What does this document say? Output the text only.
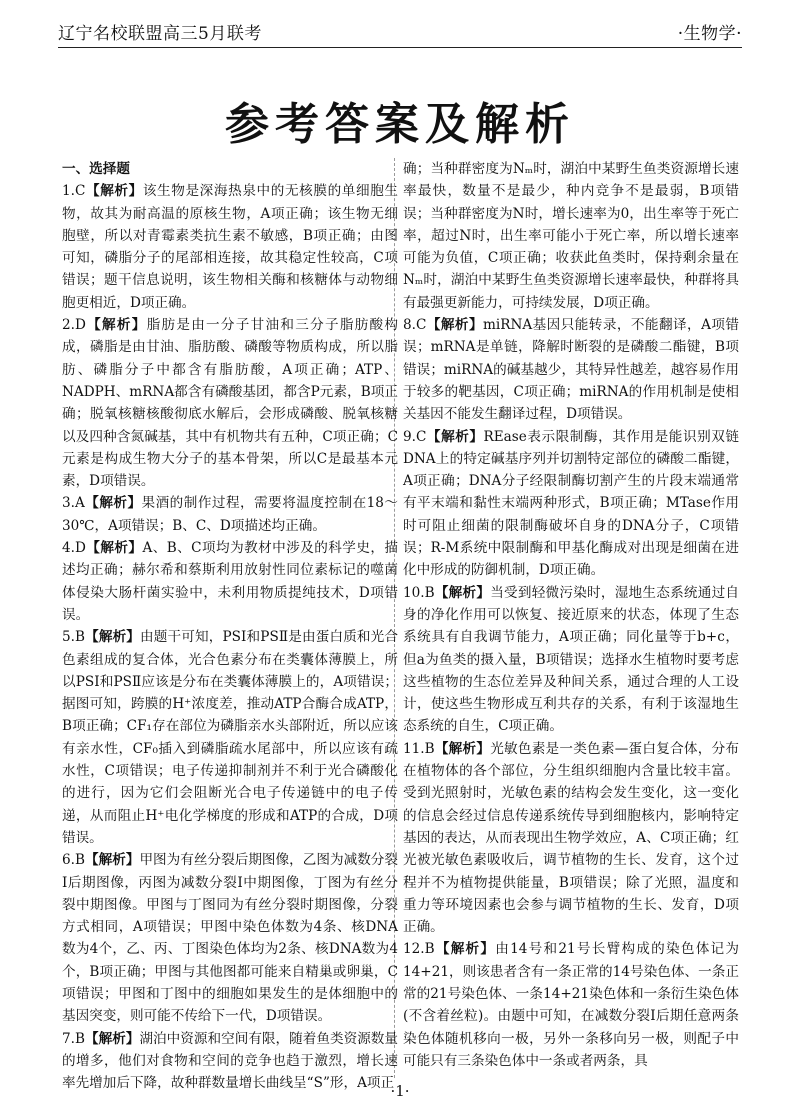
辽宁名校联盟高三5月联考	·生物学·
参考答案及解析
一、选择题

1.C【解析】该生物是深海热泉中的无核膜的单细胞生物，故其为耐高温的原核生物，A项正确；该生物无细胞壁，所以对青霉素类抗生素不敏感，B项正确；由图可知，磷脂分子的尾部相连接，故其稳定性较高，C项错误；题干信息说明，该生物相关酶和核糖体与动物细胞更相近，D项正确。

2.D【解析】脂肪是由一分子甘油和三分子脂肪酸构成，磷脂是由甘油、脂肪酸、磷酸等物质构成，所以脂肪、磷脂分子中都含有脂肪酸，A项正确；ATP、NADPH、mRNA都含有磷酸基团，都含P元素，B项正确；脱氧核糖核酸彻底水解后，会形成磷酸、脱氧核糖以及四种含氮碱基，其中有机物共有五种，C项正确；C元素是构成生物大分子的基本骨架，所以C是最基本元素，D项错误。

3.A【解析】果酒的制作过程，需要将温度控制在18～30℃，A项错误；B、C、D项描述均正确。

4.D【解析】A、B、C项均为教材中涉及的科学史，描述均正确；赫尔希和蔡斯利用放射性同位素标记的噬菌体侵染大肠杆菌实验中，未利用物质提纯技术，D项错误。

5.B【解析】由题干可知，PSⅠ和PSⅡ是由蛋白质和光合色素组成的复合体，光合色素分布在类囊体薄膜上，所以PSⅠ和PSⅡ应该是分布在类囊体薄膜上的，A项错误；据图可知，跨膜的H⁺浓度差，推动ATP合酶合成ATP，B项正确；CF₁存在部位为磷脂亲水头部附近，所以应该有亲水性，CF₀插入到磷脂疏水尾部中，所以应该有疏水性，C项错误；电子传递抑制剂并不利于光合磷酸化的进行，因为它们会阻断光合电子传递链中的电子传递，从而阻止H⁺电化学梯度的形成和ATP的合成，D项错误。

6.B【解析】甲图为有丝分裂后期图像，乙图为减数分裂Ⅰ后期图像，丙图为减数分裂Ⅰ中期图像，丁图为有丝分裂中期图像。甲图与丁图同为有丝分裂时期图像，分裂方式相同，A项错误；甲图中染色体数为4条、核DNA数为4个，乙、丙、丁图染色体均为2条、核DNA数为4个，B项正确；甲图与其他图都可能来自精巢或卵巢，C项错误；甲图和丁图中的细胞如果发生的是体细胞中的基因突变，则可能不传给下一代，D项错误。

7.B【解析】湖泊中资源和空间有限，随着鱼类资源数量的增多，他们对食物和空间的竞争也趋于激烈，增长速率先增加后下降，故种群数量增长曲线呈“S”形，A项正

确；当种群密度为Nₘ时，湖泊中某野生鱼类资源增长速率最快，数量不是最少，种内竞争不是最弱，B项错误；当种群密度为N时，增长速率为0，出生率等于死亡率，超过N时，出生率可能小于死亡率，所以增长速率可能为负值，C项正确；收获此鱼类时，保持剩余量在Nₘ时，湖泊中某野生鱼类资源增长速率最快，种群将具有最强更新能力，可持续发展，D项正确。

8.C【解析】miRNA基因只能转录，不能翻译，A项错误；mRNA是单链，降解时断裂的是磷酸二酯键，B项错误；miRNA的碱基越少，其特异性越差，越容易作用于较多的靶基因，C项正确；miRNA的作用机制是使相关基因不能发生翻译过程，D项错误。

9.C【解析】REase表示限制酶，其作用是能识别双链DNA上的特定碱基序列并切割特定部位的磷酸二酯键，A项正确；DNA分子经限制酶切割产生的片段末端通常有平末端和黏性末端两种形式，B项正确；MTase作用时可阻止细菌的限制酶破坏自身的DNA分子，C项错误；R-M系统中限制酶和甲基化酶成对出现是细菌在进化中形成的防御机制，D项正确。

10.B【解析】当受到轻微污染时，湿地生态系统通过自身的净化作用可以恢复、接近原来的状态，体现了生态系统具有自我调节能力，A项正确；同化量等于b+c，但a为鱼类的摄入量，B项错误；选择水生植物时要考虑这些植物的生态位差异及种间关系，通过合理的人工设计，使这些生物形成互利共存的关系，有利于该湿地生态系统的自生，C项正确。

11.B【解析】光敏色素是一类色素—蛋白复合体，分布在植物体的各个部位，分生组织细胞内含量比较丰富。受到光照射时，光敏色素的结构会发生变化，这一变化的信息会经过信息传递系统传导到细胞核内，影响特定基因的表达，从而表现出生物学效应，A、C项正确；红光被光敏色素吸收后，调节植物的生长、发育，这个过程并不为植物提供能量，B项错误；除了光照，温度和重力等环境因素也会参与调节植物的生长、发育，D项正确。

12.B【解析】由14号和21号长臂构成的染色体记为14+21，则该患者含有一条正常的14号染色体、一条正常的21号染色体、一条14+21染色体和一条衍生染色体(不含着丝粒)。由题中可知，在减数分裂Ⅰ后期任意两条染色体随机移向一极，另外一条移向另一极，则配子中可能只有三条染色体中一条或者两条，具

·1·
